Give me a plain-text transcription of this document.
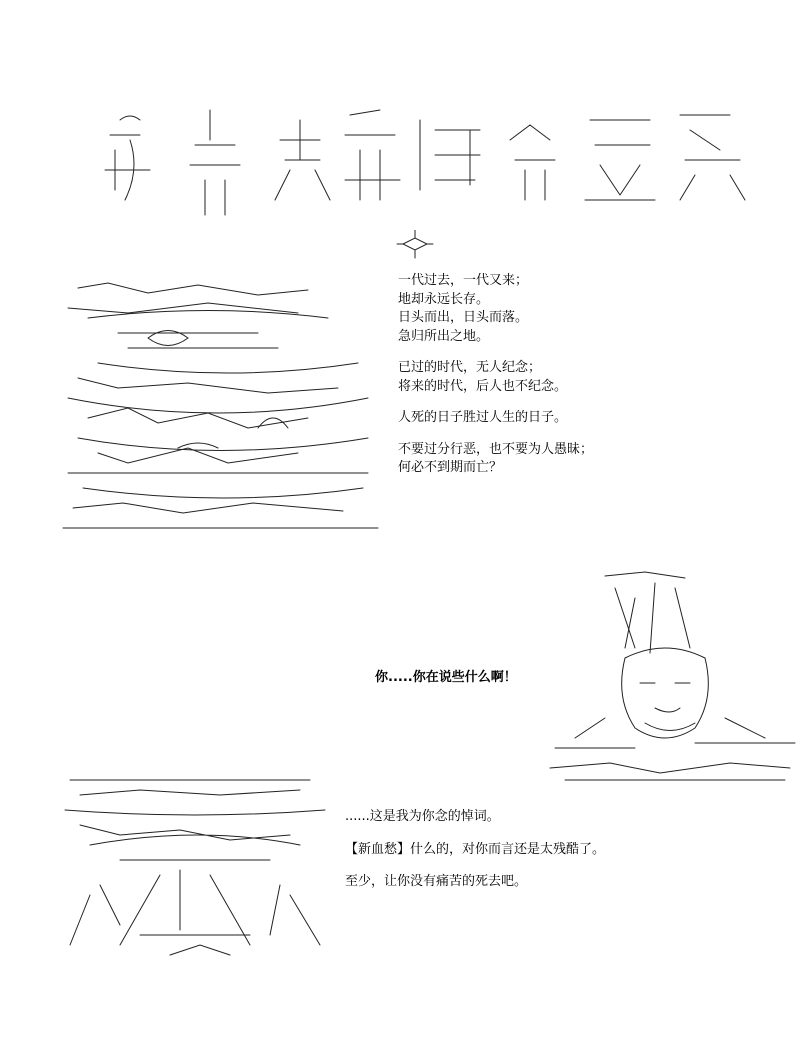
一代过去，一代又来；
地却永远长存。
日头而出，日头而落。
急归所出之地。
已过的时代，无人纪念；
将来的时代，后人也不纪念。
人死的日子胜过人生的日子。
不要过分行恶，也不要为人愚昧；
何必不到期而亡？
你.....你在说些什么啊！
......这是我为你念的悼词。
【新血愁】什么的，对你而言还是太残酷了。
至少，让你没有痛苦的死去吧。
